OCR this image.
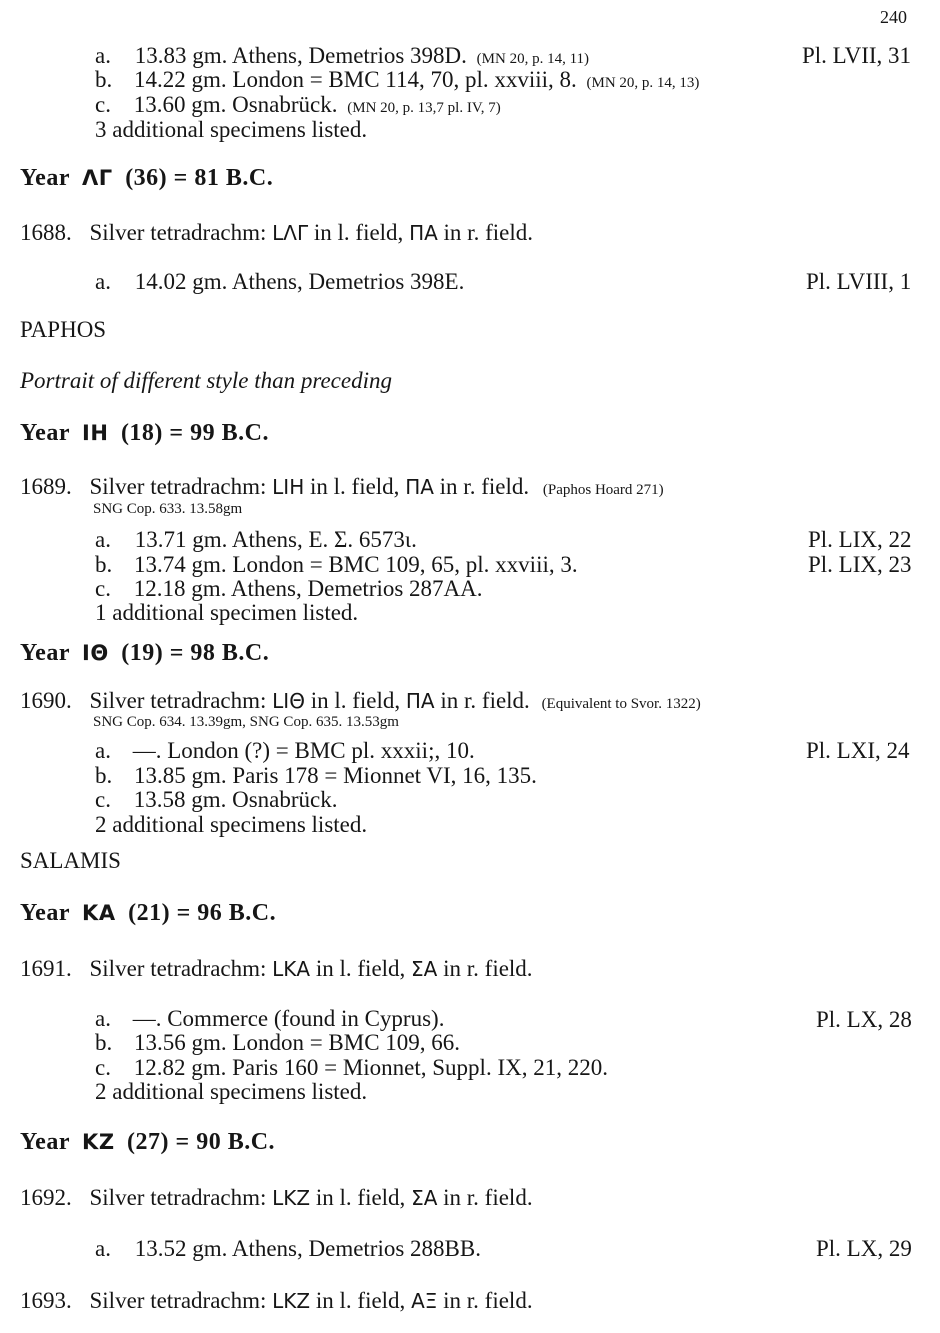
240
a. 13.83 gm. Athens, Demetrios 398D. (MN 20, p. 14, 11)	Pl. LVII, 31
b. 14.22 gm. London = BMC 114, 70, pl. xxviii, 8. (MN 20, p. 14, 13)
c. 13.60 gm. Osnabrück. (MN 20, p. 13,7 pl. IV, 7)
3 additional specimens listed.
Year ΛΓ (36) = 81 B.C.
1688. Silver tetradrachm: LΛΓ in l. field, ΠΑ in r. field.
a. 14.02 gm. Athens, Demetrios 398E.	Pl. LVIII, 1
PAPHOS
Portrait of different style than preceding
Year ΙΗ (18) = 99 B.C.
1689. Silver tetradrachm: LΙΗ in l. field, ΠΑ in r. field. (Paphos Hoard 271)
SNG Cop. 633. 13.58gm
a. 13.71 gm. Athens, E. Σ. 6573ι.	Pl. LIX, 22
b. 13.74 gm. London = BMC 109, 65, pl. xxviii, 3.	Pl. LIX, 23
c. 12.18 gm. Athens, Demetrios 287AA.
1 additional specimen listed.
Year ΙΘ (19) = 98 B.C.
1690. Silver tetradrachm: LΙΘ in l. field, ΠΑ in r. field. (Equivalent to Svor. 1322)
SNG Cop. 634. 13.39gm, SNG Cop. 635. 13.53gm
a. —. London (?) = BMC pl. xxxii;, 10.	Pl. LXI, 24
b. 13.85 gm. Paris 178 = Mionnet VI, 16, 135.
c. 13.58 gm. Osnabrück.
2 additional specimens listed.
SALAMIS
Year ΚΑ (21) = 96 B.C.
1691. Silver tetradrachm: LΚΑ in l. field, ΣΑ in r. field.
a. —. Commerce (found in Cyprus).	Pl. LX, 28
b. 13.56 gm. London = BMC 109, 66.
c. 12.82 gm. Paris 160 = Mionnet, Suppl. IX, 21, 220.
2 additional specimens listed.
Year ΚΖ (27) = 90 B.C.
1692. Silver tetradrachm: LΚΖ in l. field, ΣΑ in r. field.
a. 13.52 gm. Athens, Demetrios 288BB.	Pl. LX, 29
1693. Silver tetradrachm: LΚΖ in l. field, ΑΞ in r. field.
